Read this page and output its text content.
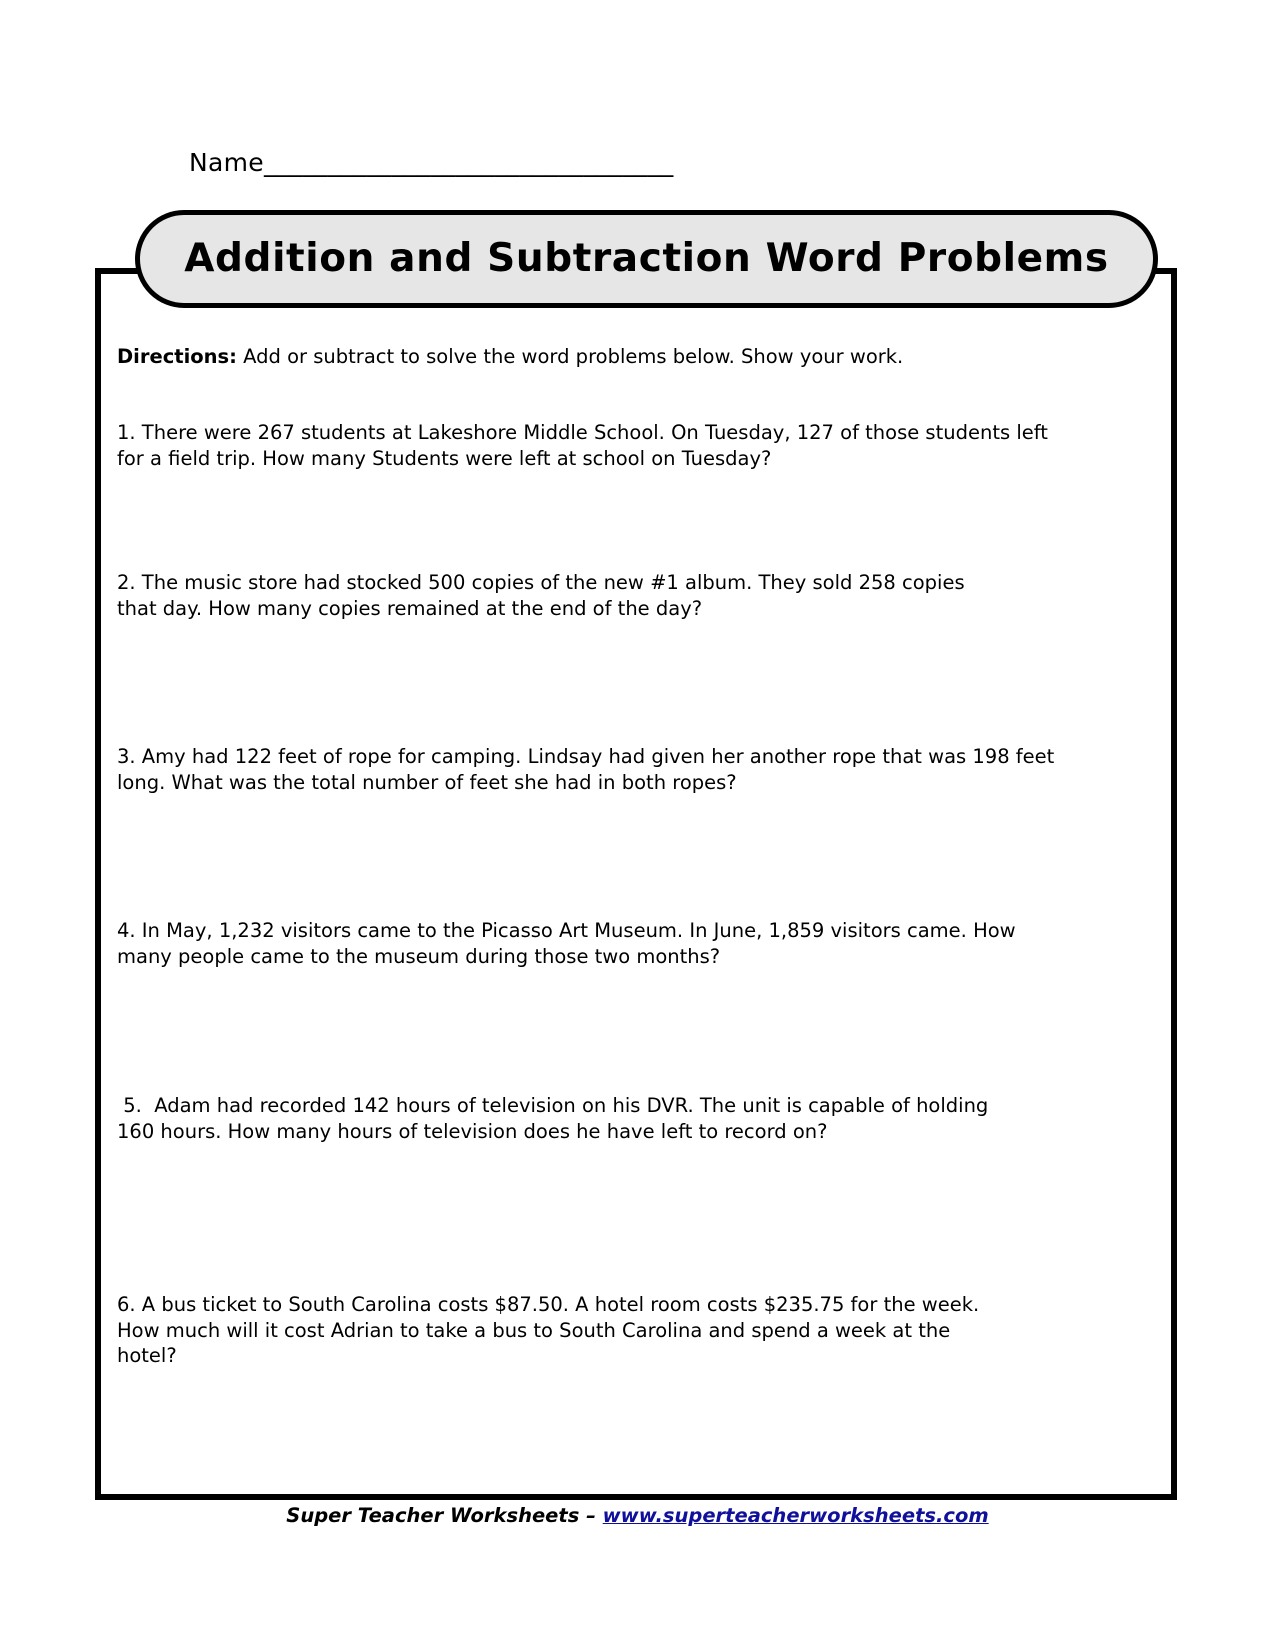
Name________________________________
Addition and Subtraction Word Problems
Directions: Add or subtract to solve the word problems below. Show your work.
1. There were 267 students at Lakeshore Middle School. On Tuesday, 127 of those students left
for a field trip. How many Students were left at school on Tuesday?
2. The music store had stocked 500 copies of the new #1 album. They sold 258 copies
that day. How many copies remained at the end of the day?
3. Amy had 122 feet of rope for camping. Lindsay had given her another rope that was 198 feet
long. What was the total number of feet she had in both ropes?
4. In May, 1,232 visitors came to the Picasso Art Museum. In June, 1,859 visitors came. How
many people came to the museum during those two months?
5.  Adam had recorded 142 hours of television on his DVR. The unit is capable of holding
160 hours. How many hours of television does he have left to record on?
6. A bus ticket to South Carolina costs $87.50. A hotel room costs $235.75 for the week.
How much will it cost Adrian to take a bus to South Carolina and spend a week at the
hotel?
Super Teacher Worksheets – www.superteacherworksheets.com
